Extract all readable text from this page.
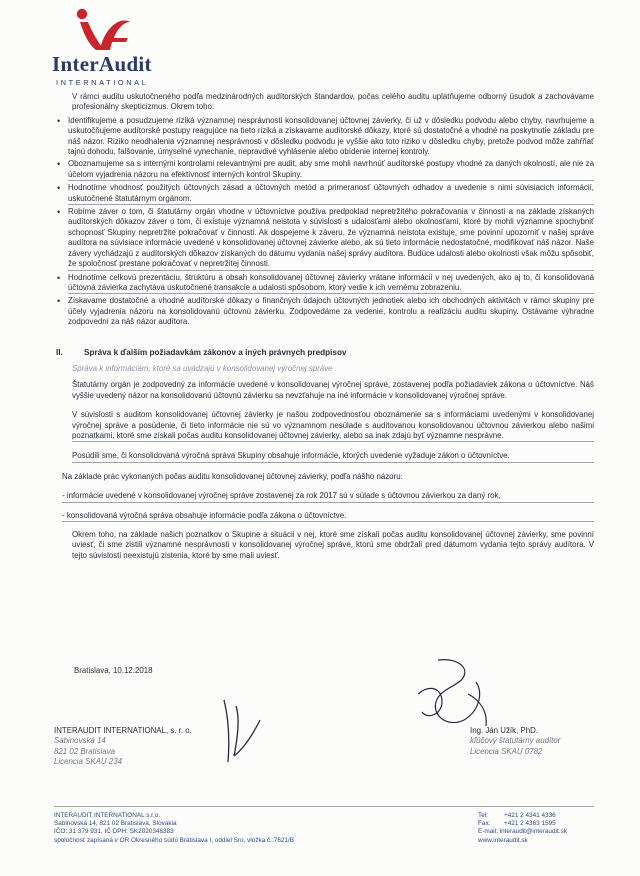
InterAudit
INTERNATIONAL

V rámci auditu uskutočneného podľa medzinárodných audítorských štandardov, počas celého auditu uplatňujeme odborný úsudok a zachovávame profesionálny skepticizmus. Okrem toho:

• Identifikujeme a posudzujeme riziká významnej nesprávnosti konsolidovanej účtovnej závierky, či už v dôsledku podvodu alebo chyby, navrhujeme a uskutočňujeme audítorské postupy reagujúce na tieto riziká a získavame audítorské dôkazy, ktoré sú dostatočné a vhodné na poskytnutie základu pre náš názor. Riziko neodhalenia významnej nesprávnosti v dôsledku podvodu je vyššie ako toto riziko v dôsledku chyby, pretože podvod môže zahŕňať tajnú dohodu, falšovanie, úmyselné vynechanie, nepravdivé vyhlásenie alebo obídenie internej kontroly.
• Oboznamujeme sa s internými kontrolami relevantnými pre audit, aby sme mohli navrhnúť audítorské postupy vhodné za daných okolností, ale nie za účelom vyjadrenia názoru na efektívnosť interných kontrol Skupiny.
• Hodnotíme vhodnosť použitých účtovných zásad a účtovných metód a primeranosť účtovných odhadov a uvedenie s nimi súvisiacich informácií, uskutočnené štatutárnym orgánom.
• Robíme záver o tom, či štatutárny orgán vhodne v účtovníctve používa predpoklad nepretržitého pokračovania v činnosti a na základe získaných audítorských dôkazov záver o tom, či existuje významná neistota v súvislosti s udalosťami alebo okolnosťami, ktoré by mohli významne spochybniť schopnosť Skupiny nepretržite pokračovať v činnosti. Ak dospejeme k záveru, že významná neistota existuje, sme povinní upozorniť v našej správe audítora na súvisiace informácie uvedené v konsolidovanej účtovnej závierke alebo, ak sú tieto informácie nedostatočné, modifikovať náš názor. Naše závery vychádzajú z audítorských dôkazov získaných do dátumu vydania našej správy audítora. Budúce udalosti alebo okolnosti však môžu spôsobiť, že spoločnosť prestane pokračovať v nepretržitej činnosti.
• Hodnotíme celkovú prezentáciu, štruktúru a obsah konsolidovanej účtovnej závierky vrátane informácií v nej uvedených, ako aj to, či konsolidovaná účtovná závierka zachytáva uskutočnené transakcie a udalosti spôsobom, ktorý vedie k ich vernému zobrazeniu.
• Získavame dostatočné a vhodné audítorské dôkazy o finančných údajoch účtovných jednotiek alebo ich obchodných aktivitách v rámci skupiny pre účely vyjadrenia názoru na konsolidovanú účtovnú závierku. Zodpovedáme za vedenie, kontrolu a realizáciu auditu skupiny. Ostávame výhradne zodpovední za náš názor audítora.
II.	Správa k ďalším požiadavkám zákonov a iných právnych predpisov
Správa k informáciám, ktoré sa uvádzajú v konsolidovanej výročnej správe

Štatutárny orgán je zodpovedný za informácie uvedené v konsolidovanej výročnej správe, zostavenej podľa požiadaviek zákona o účtovníctve. Náš vyššie uvedený názor na konsolidovanú účtovnú závierku sa nevzťahuje na iné informácie v konsolidovanej výročnej správe.

V súvislosti s auditom konsolidovanej účtovnej závierky je našou zodpovednosťou oboznámenie sa s informáciami uvedenými v konsolidovanej výročnej správe a posúdenie, či tieto informácie nie sú vo významnom nesúlade s auditovanou konsolidovanou účtovnou závierkou alebo našimi poznatkami, ktoré sme získali počas auditu konsolidovanej účtovnej závierky, alebo sa inak zdajú byť významne nesprávne.

Posúdili sme, či konsolidovaná výročná správa Skupiny obsahuje informácie, ktorých uvedenie vyžaduje zákon o účtovníctve.

Na základe prác vykonaných počas auditu konsolidovanej účtovnej závierky, podľa nášho názoru:

- informácie uvedené v konsolidovanej výročnej správe zostavenej za rok 2017 sú v súlade s účtovnou závierkou za daný rok,

- konsolidovaná výročná správa obsahuje informácie podľa zákona o účtovníctve.

Okrem toho, na základe našich poznatkov o Skupine a situácii v nej, ktoré sme získali počas auditu konsolidovanej účtovnej závierky, sme povinní uviesť, či sme zistili významné nesprávnosti v konsolidovanej výročnej správe, ktorú sme obdržali pred dátumom vydania tejto správy audítora. V tejto súvislosti neexistujú zistenia, ktoré by sme mali uviesť.

Bratislava, 10.12.2018
INTERAUDIT INTERNATIONAL, s. r. o.
Sabinovská 14
821 02 Bratislava
Licencia SKAU 234
Ing. Ján Užík, PhD.
kľúčový štatutárny audítor
Licencia SKAU 0782
INTERAUDIT INTERNATIONAL s.r.o.
Sabinovská 14, 821 02 Bratislava, Slovakia
IČO: 31 379 931, IČ DPH: SK2020346383
spoločnosť zapísaná v OR Okresného súdu Bratislava I, oddiel Sro, vložka č.:7621/B
Tel:	+421 2 4341 4336
Fax:	+421 2 4363 1595
E-mail: interaudit@interaudit.sk
www.interaudit.sk
